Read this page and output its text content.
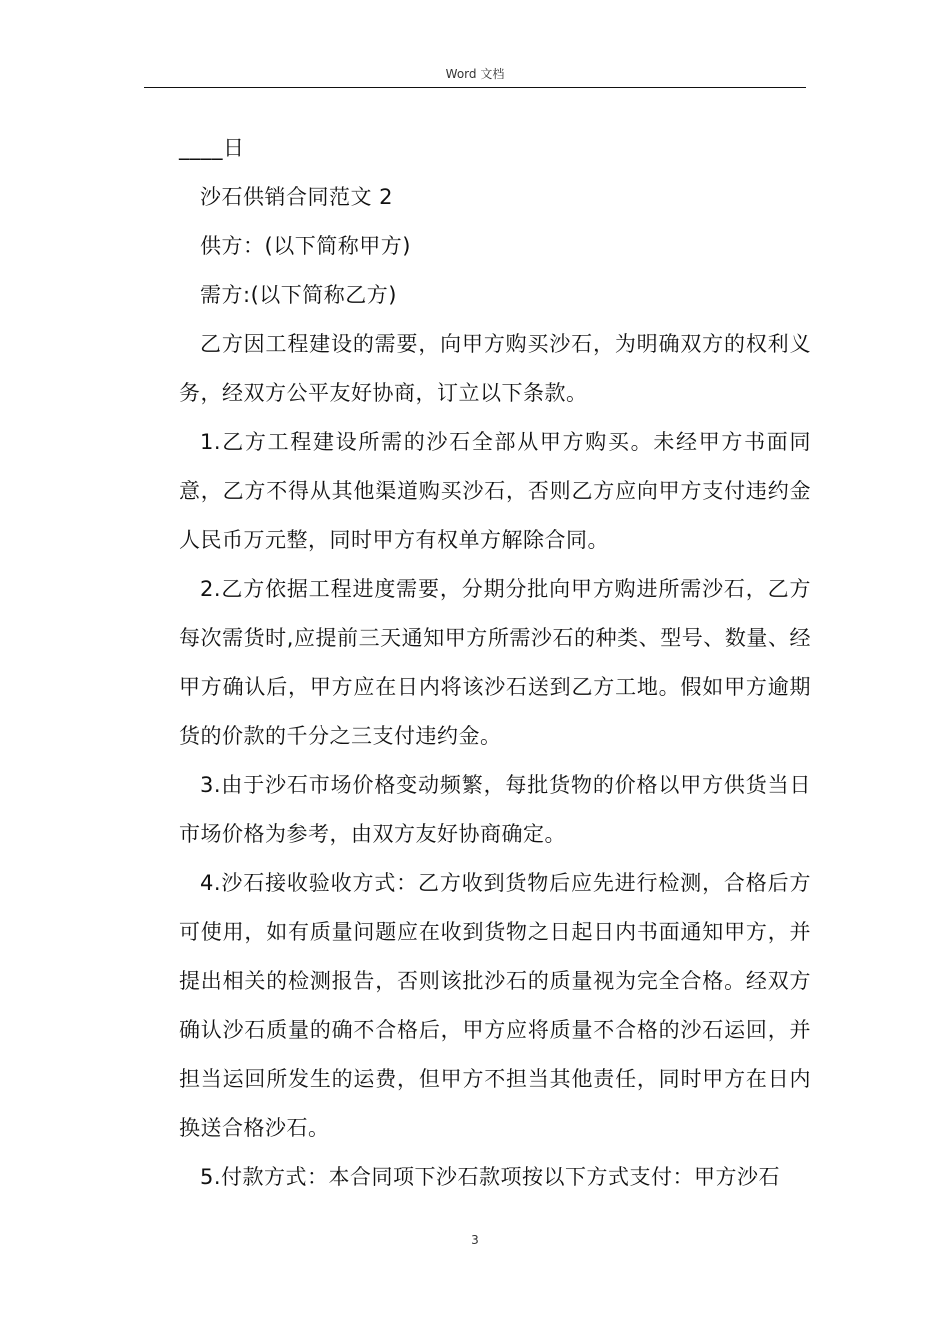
Word 文档

____日

沙石供销合同范文 2

供方：(以下简称甲方)

需方:(以下简称乙方)

乙方因工程建设的需要，向甲方购买沙石，为明确双方的权利义务，经双方公平友好协商，订立以下条款。

1.乙方工程建设所需的沙石全部从甲方购买。未经甲方书面同意，乙方不得从其他渠道购买沙石，否则乙方应向甲方支付违约金人民币万元整，同时甲方有权单方解除合同。

2.乙方依据工程进度需要，分期分批向甲方购进所需沙石，乙方每次需货时,应提前三天通知甲方所需沙石的种类、型号、数量、经甲方确认后，甲方应在日内将该沙石送到乙方工地。假如甲方逾期货的价款的千分之三支付违约金。

3.由于沙石市场价格变动频繁，每批货物的价格以甲方供货当日市场价格为参考，由双方友好协商确定。

4.沙石接收验收方式：乙方收到货物后应先进行检测，合格后方可使用，如有质量问题应在收到货物之日起日内书面通知甲方，并提出相关的检测报告，否则该批沙石的质量视为完全合格。经双方确认沙石质量的确不合格后，甲方应将质量不合格的沙石运回，并担当运回所发生的运费，但甲方不担当其他责任，同时甲方在日内换送合格沙石。

5.付款方式：本合同项下沙石款项按以下方式支付：甲方沙石

3
